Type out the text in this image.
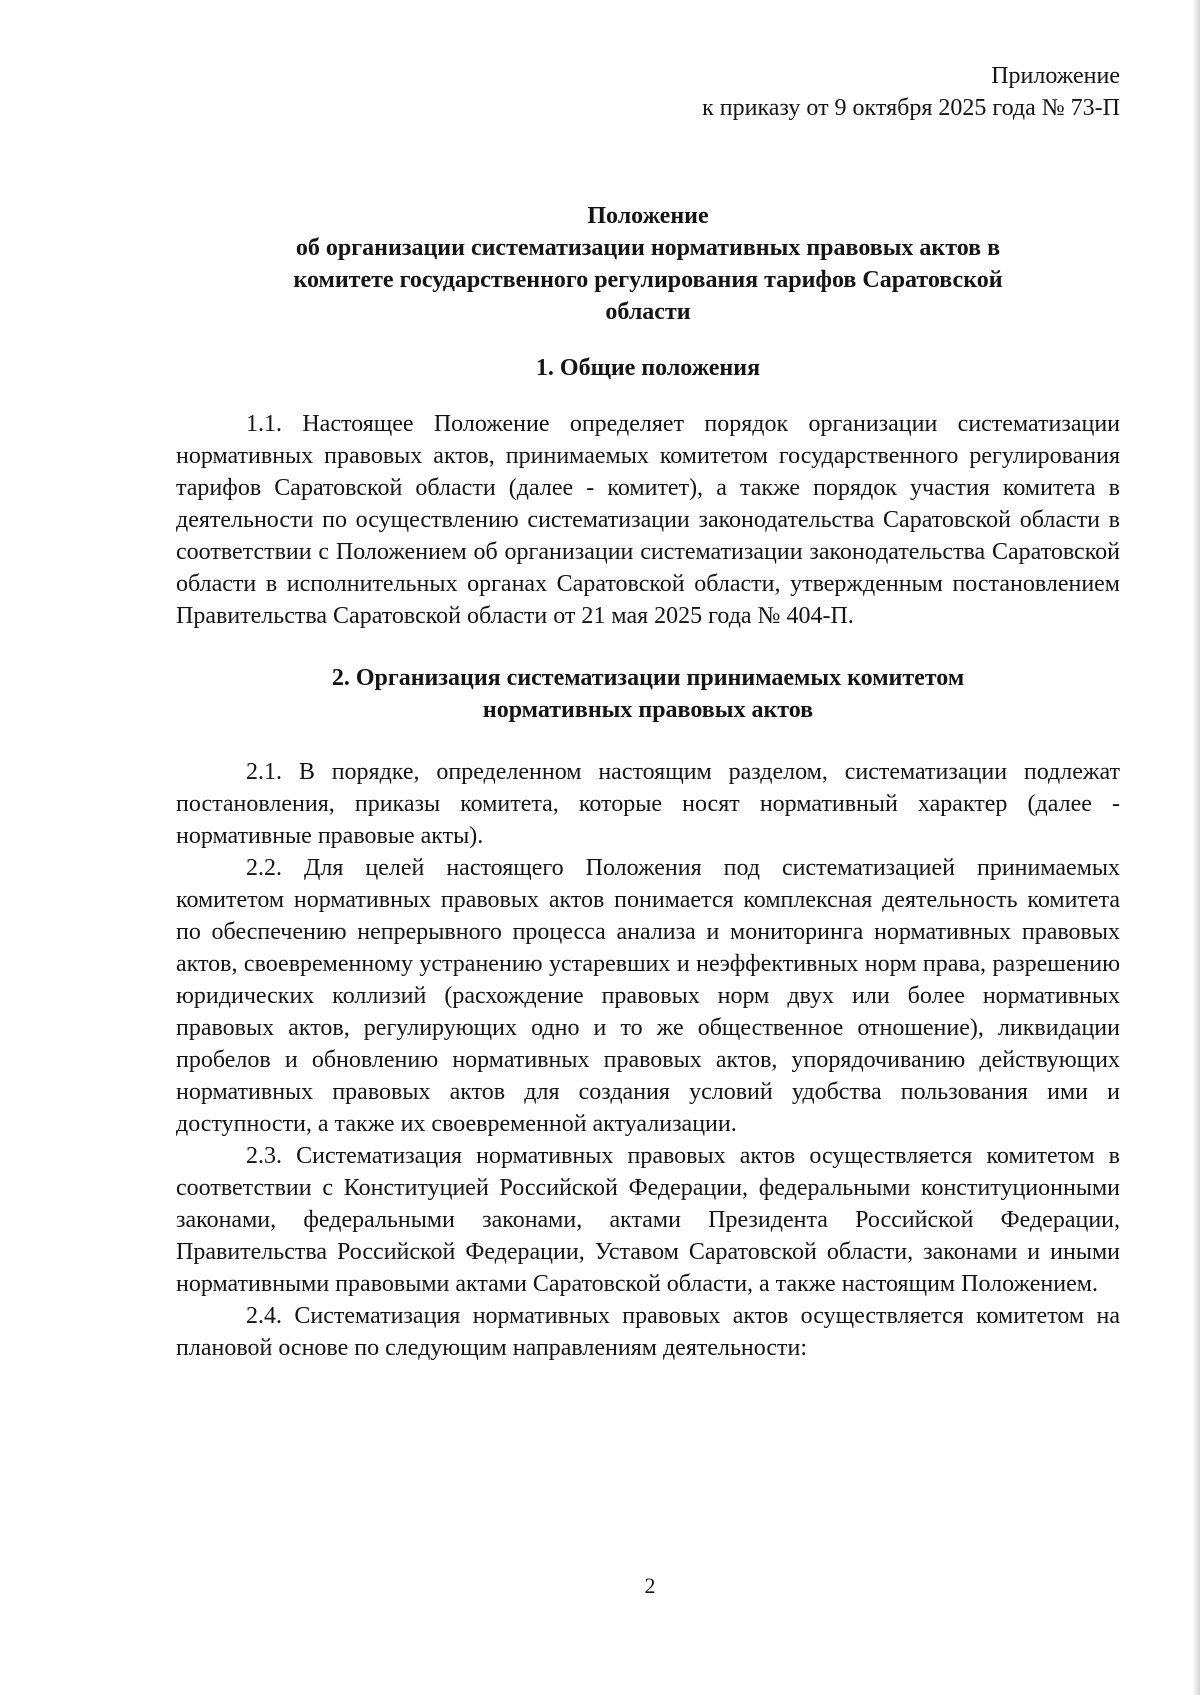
Приложение
к приказу от 9 октября 2025 года № 73-П
Положение
об организации систематизации нормативных правовых актов в
комитете государственного регулирования тарифов Саратовской
области
1. Общие положения

1.1. Настоящее Положение определяет порядок организации систематизации нормативных правовых актов, принимаемых комитетом государственного регулирования тарифов Саратовской области (далее - комитет), а также порядок участия комитета в деятельности по осуществлению систематизации законодательства Саратовской области в соответствии с Положением об организации систематизации законодательства Саратовской области в исполнительных органах Саратовской области, утвержденным постановлением Правительства Саратовской области от 21 мая 2025 года № 404-П.

2. Организация систематизации принимаемых комитетом
нормативных правовых актов

2.1. В порядке, определенном настоящим разделом, систематизации подлежат постановления, приказы комитета, которые носят нормативный характер (далее - нормативные правовые акты).

2.2. Для целей настоящего Положения под систематизацией принимаемых комитетом нормативных правовых актов понимается комплексная деятельность комитета по обеспечению непрерывного процесса анализа и мониторинга нормативных правовых актов, своевременному устранению устаревших и неэффективных норм права, разрешению юридических коллизий (расхождение правовых норм двух или более нормативных правовых актов, регулирующих одно и то же общественное отношение), ликвидации пробелов и обновлению нормативных правовых актов, упорядочиванию действующих нормативных правовых актов для создания условий удобства пользования ими и доступности, а также их своевременной актуализации.

2.3. Систематизация нормативных правовых актов осуществляется комитетом в соответствии с Конституцией Российской Федерации, федеральными конституционными законами, федеральными законами, актами Президента Российской Федерации, Правительства Российской Федерации, Уставом Саратовской области, законами и иными нормативными правовыми актами Саратовской области, а также настоящим Положением.

2.4. Систематизация нормативных правовых актов осуществляется комитетом на плановой основе по следующим направлениям деятельности:

2
